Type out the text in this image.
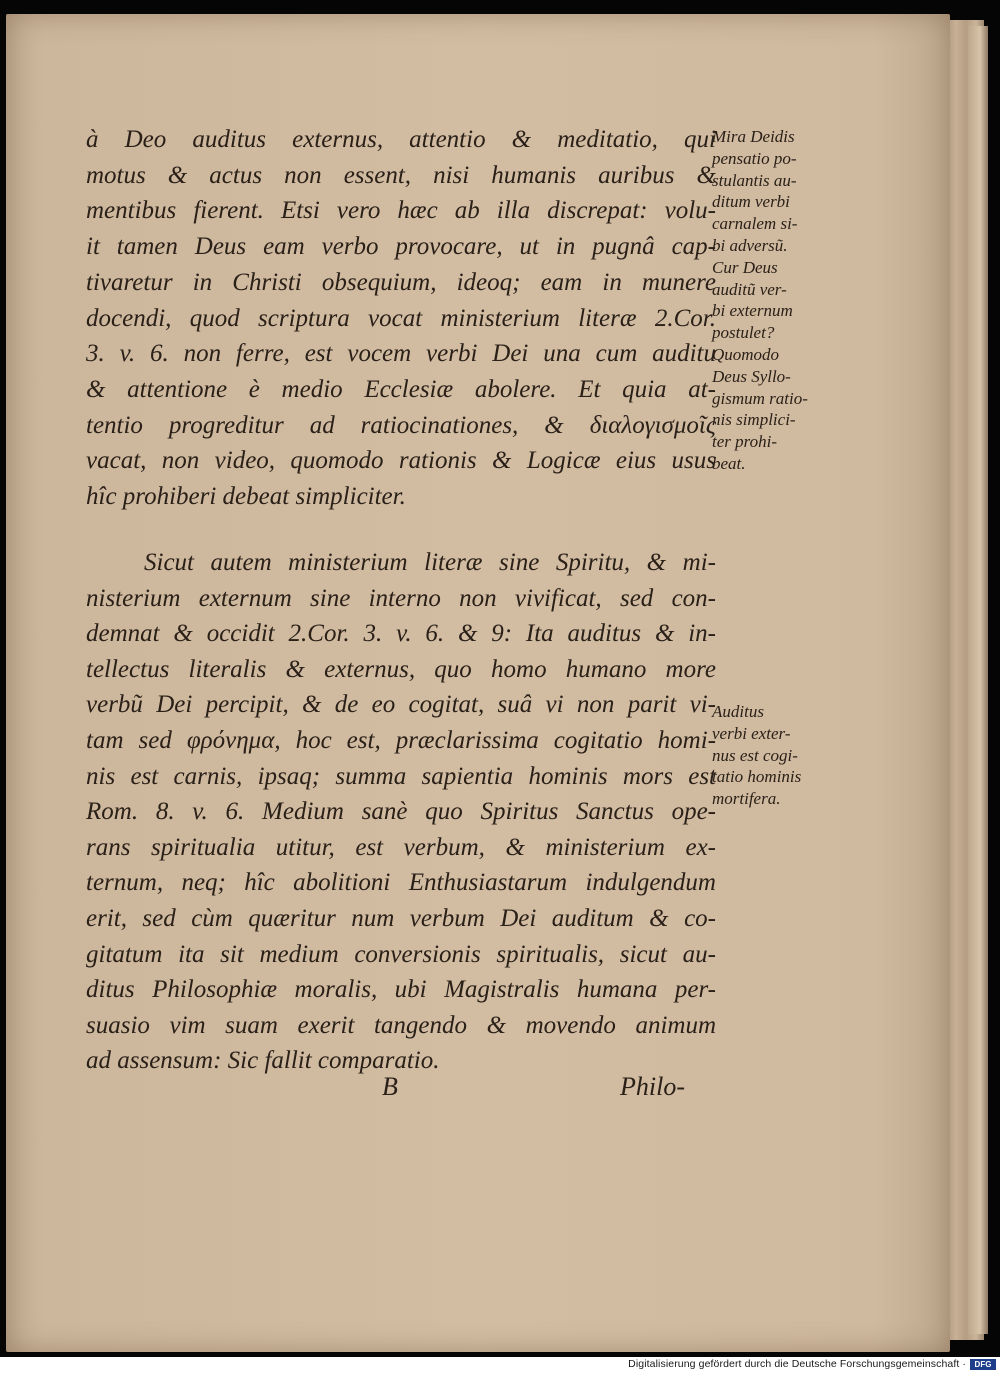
à Deo auditus externus, attentio & meditatio, qui
motus & actus non essent, nisi humanis auribus &
mentibus fierent. Etsi vero hæc ab illa discrepat: volu-
it tamen Deus eam verbo provocare, ut in pugnâ cap-
tivaretur in Christi obsequium, ideoq; eam in munere
docendi, quod scriptura vocat ministerium literæ 2.Cor.
3. v. 6. non ferre, est vocem verbi Dei una cum auditu
& attentione è medio Ecclesiæ abolere. Et quia at-
tentio progreditur ad ratiocinationes, & διαλογισμοῖς
vacat, non video, quomodo rationis & Logicæ eius usus
hîc prohiberi debeat simpliciter.
Sicut autem ministerium literæ sine Spiritu, & mi-
nisterium externum sine interno non vivificat, sed con-
demnat & occidit 2.Cor. 3. v. 6. & 9: Ita auditus & in-
tellectus literalis & externus, quo homo humano more
verbũ Dei percipit, & de eo cogitat, suâ vi non parit vi-
tam sed φρόνημα, hoc est, præclarissima cogitatio homi-
nis est carnis, ipsaq; summa sapientia hominis mors est
Rom. 8. v. 6. Medium sanè quo Spiritus Sanctus ope-
rans spiritualia utitur, est verbum, & ministerium ex-
ternum, neq; hîc abolitioni Enthusiastarum indulgendum
erit, sed cùm quæritur num verbum Dei auditum & co-
gitatum ita sit medium conversionis spiritualis, sicut au-
ditus Philosophiæ moralis, ubi Magistralis humana per-
suasio vim suam exerit tangendo & movendo animum
ad assensum: Sic fallit comparatio.
Mira Deidis
pensatio po-
stulantis au-
ditum verbi
carnalem si-
bi adversũ.
Cur Deus
auditũ ver-
bi externum
postulet?
Quomodo
Deus Syllo-
gismum ratio-
nis simplici-
ter prohi-
beat.
Auditus
verbi exter-
nus est cogi-
tatio hominis
mortifera.
B	Philo-
Digitalisierung gefördert durch die Deutsche Forschungsgemeinschaft ·	DFG
